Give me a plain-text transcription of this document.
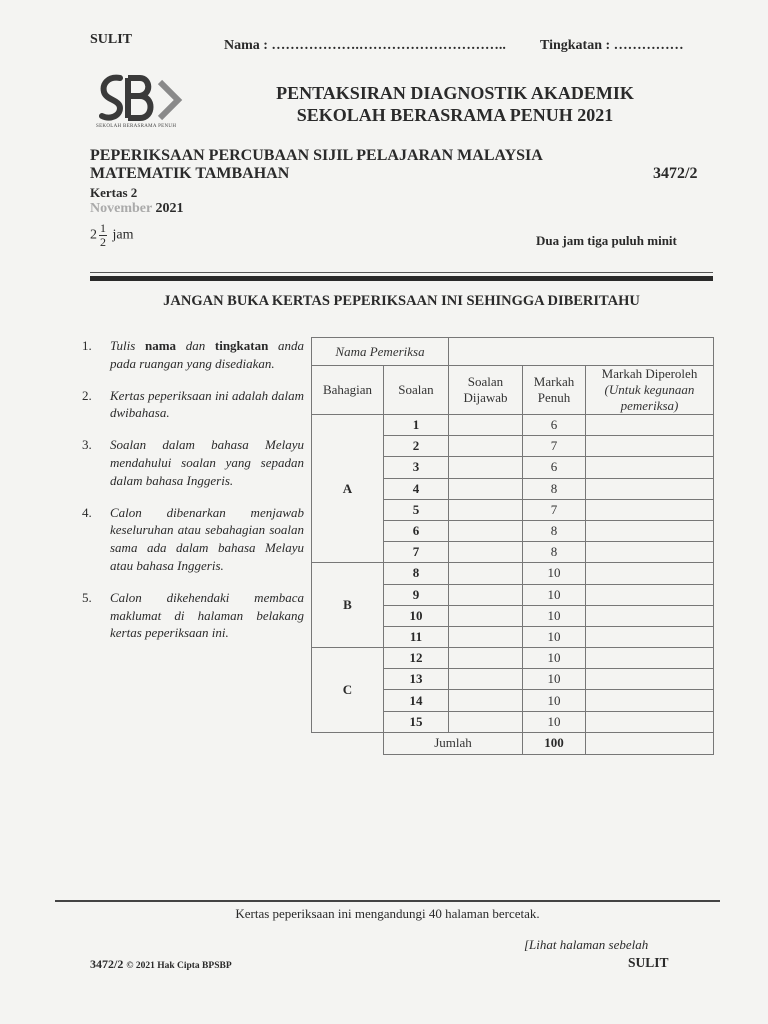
SULIT	Nama : ……………….………………………….. Tingkatan : ……………
SEKOLAH BERASRAMA PENUH
PENTAKSIRAN DIAGNOSTIK AKADEMIK
SEKOLAH BERASRAMA PENUH 2021
PEPERIKSAAN PERCUBAAN SIJIL PELAJARAN MALAYSIA
MATEMATIK TAMBAHAN	3472/2
Kertas 2
November 2021
$2 \frac{1}{2}$ jam	Dua jam tiga puluh minit
JANGAN BUKA KERTAS PEPERIKSAAN INI SEHINGGA DIBERITAHU
1.	Tulis nama dan tingkatan anda pada ruangan yang disediakan.
2.	Kertas peperiksaan ini adalah dalam dwibahasa.
3.	Soalan dalam bahasa Melayu mendahului soalan yang sepadan dalam bahasa Inggeris.
4.	Calon dibenarkan menjawab keseluruhan atau sebahagian soalan sama ada dalam bahasa Melayu atau bahasa Inggeris.
5.	Calon dikehendaki membaca maklumat di halaman belakang kertas peperiksaan ini.
Nama Pemeriksa				
Bahagian	Soalan	Soalan Dijawab	Markah Penuh	Markah Diperoleh
(Untuk kegunaan pemeriksa)
A	1		6	
	2		7	
	3		6	
	4		8	
	5		7	
	6		8	
	7		8	
B	8		10	
	9		10	
	10		10	
	11		10	
C	12		10	
	13		10	
	14		10	
	15		10	
	Jumlah		100	
Kertas peperiksaan ini mengandungi 40 halaman bercetak.
[Lihat halaman sebelah
3472/2 © 2021 Hak Cipta BPSBP	SULIT
